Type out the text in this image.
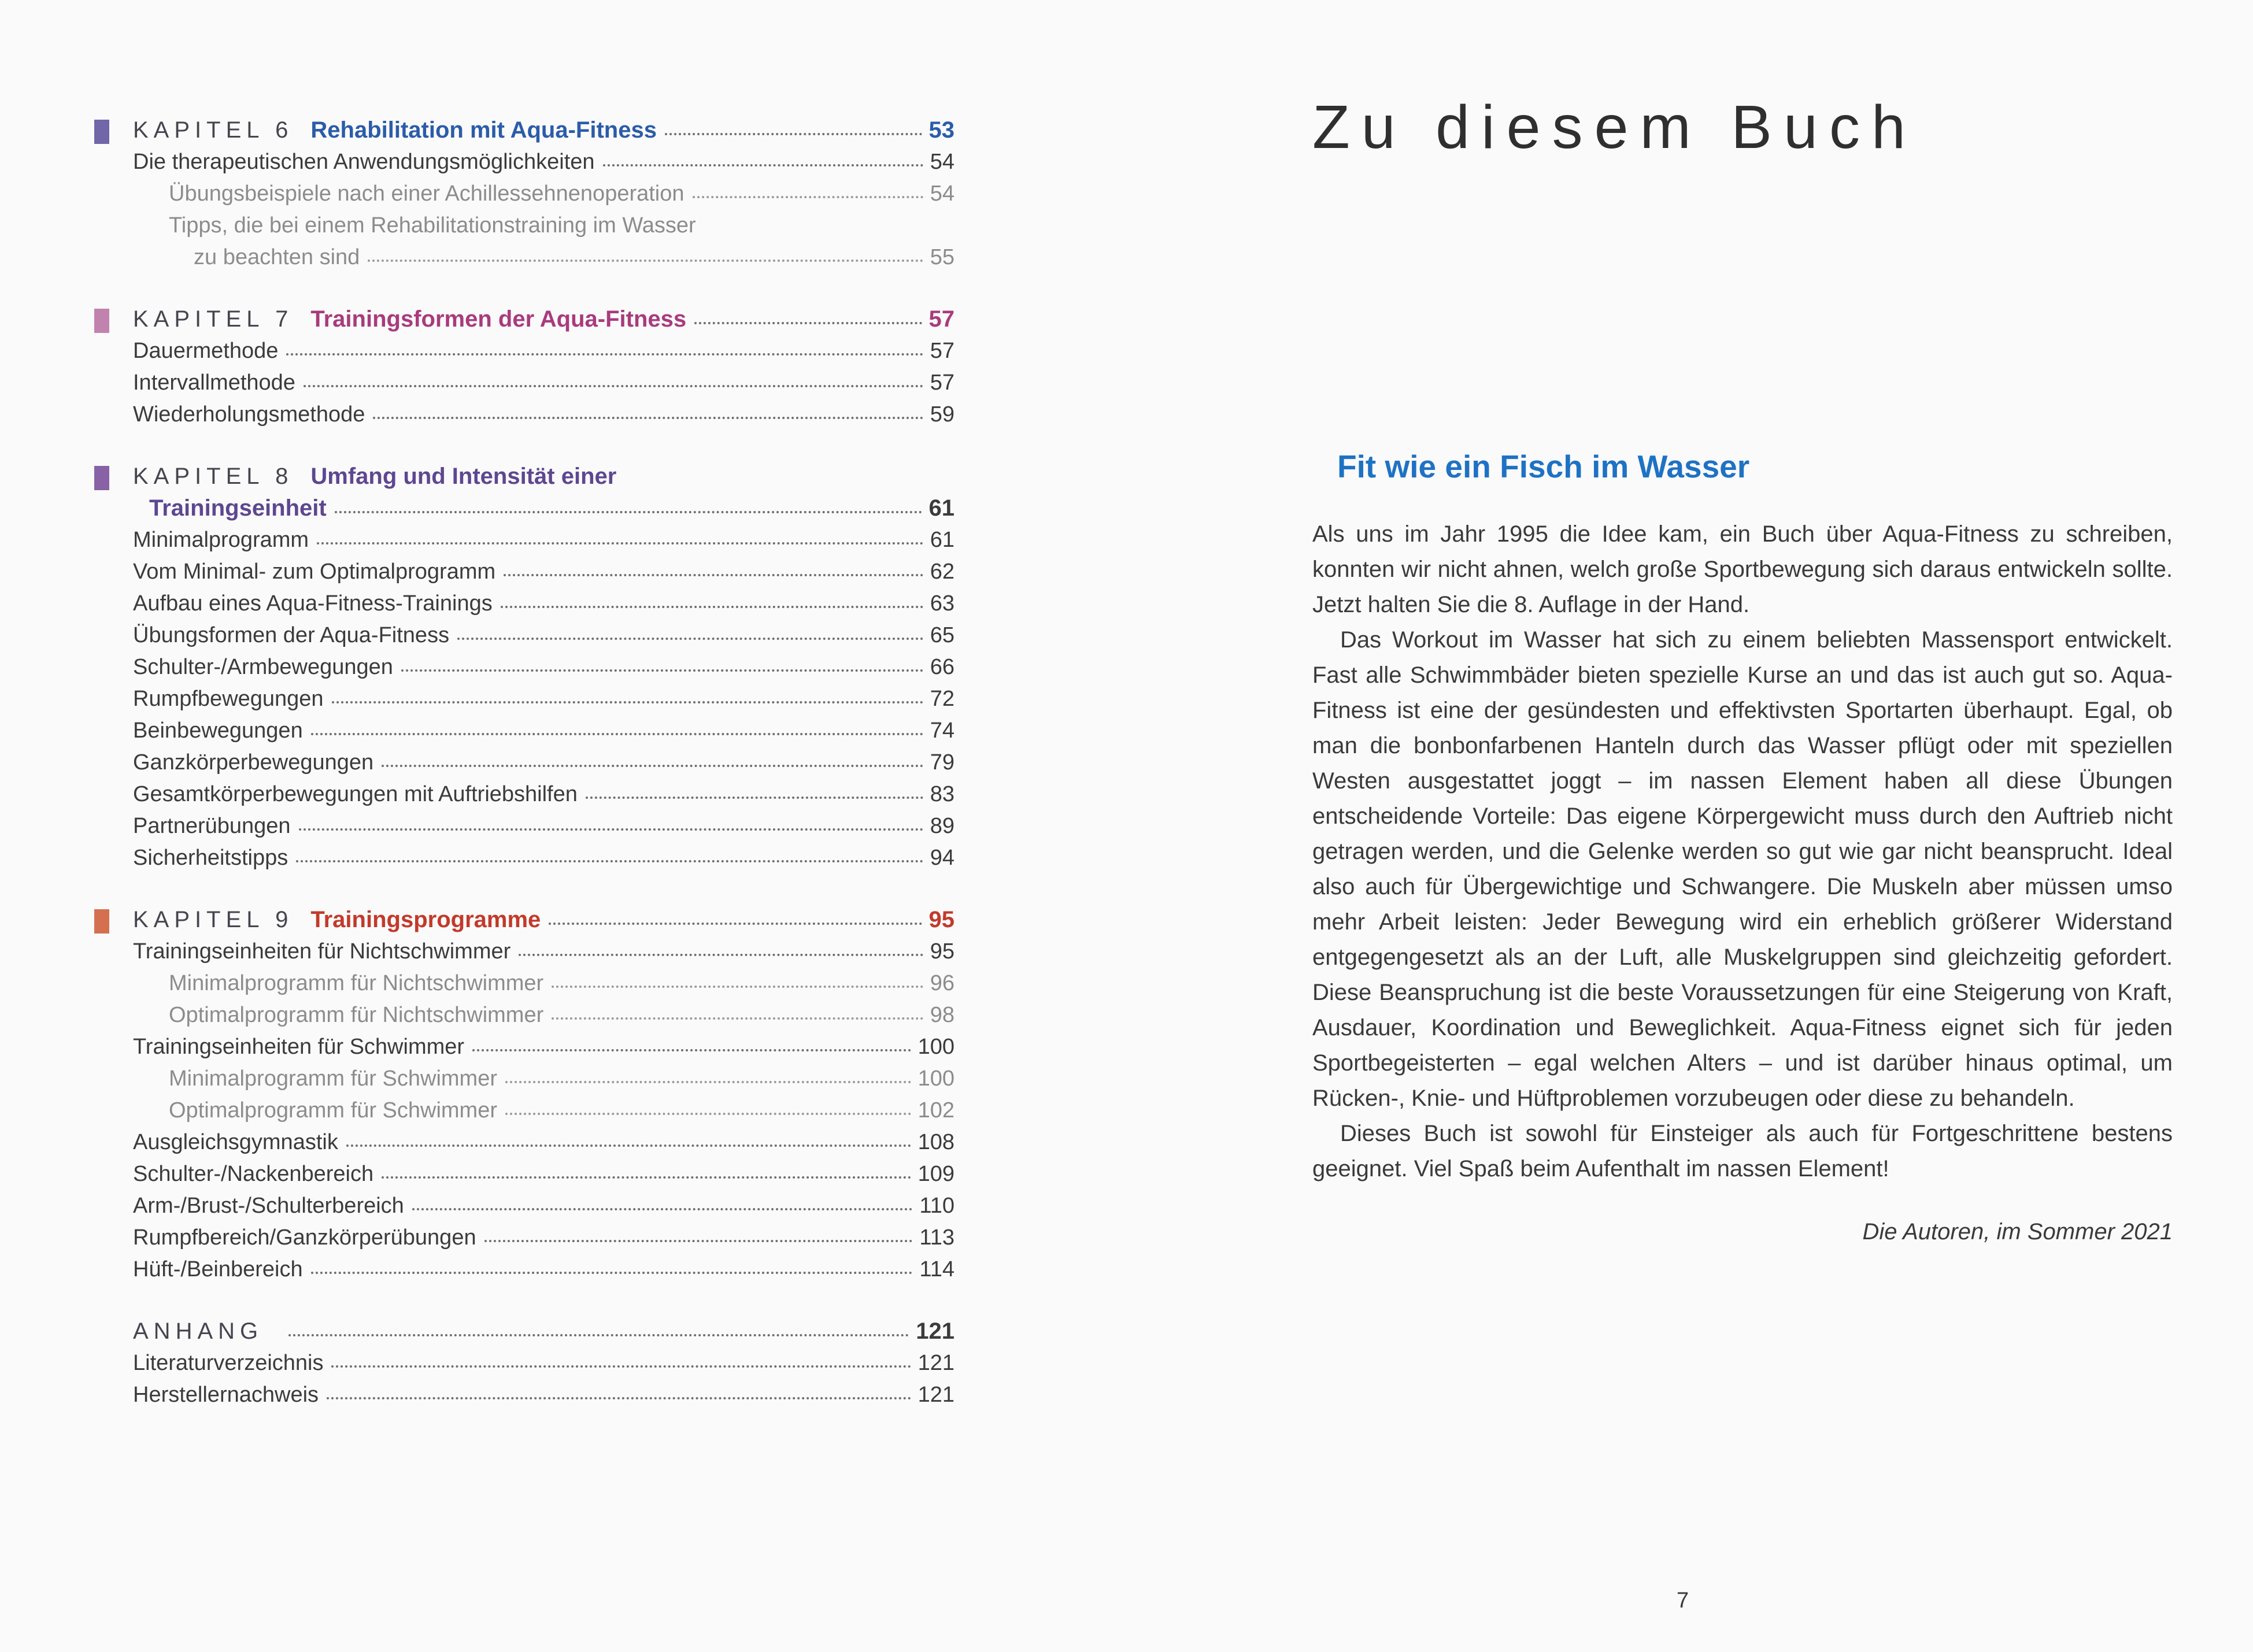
KAPITEL 6 Rehabilitation mit Aqua-Fitness	53
Die therapeutischen Anwendungsmöglichkeiten	54
Übungsbeispiele nach einer Achillessehnenoperation	54
Tipps, die bei einem Rehabilitationstraining im Wasser
zu beachten sind	55
KAPITEL 7 Trainingsformen der Aqua-Fitness	57
Dauermethode	57
Intervallmethode	57
Wiederholungsmethode	59
KAPITEL 8 Umfang und Intensität einer
Trainingseinheit	61
Minimalprogramm	61
Vom Minimal- zum Optimalprogramm	62
Aufbau eines Aqua-Fitness-Trainings	63
Übungsformen der Aqua-Fitness	65
Schulter-/Armbewegungen	66
Rumpfbewegungen	72
Beinbewegungen	74
Ganzkörperbewegungen	79
Gesamtkörperbewegungen mit Auftriebshilfen	83
Partnerübungen	89
Sicherheitstipps	94
KAPITEL 9 Trainingsprogramme	95
Trainingseinheiten für Nichtschwimmer	95
Minimalprogramm für Nichtschwimmer	96
Optimalprogramm für Nichtschwimmer	98
Trainingseinheiten für Schwimmer	100
Minimalprogramm für Schwimmer	100
Optimalprogramm für Schwimmer	102
Ausgleichsgymnastik	108
Schulter-/Nackenbereich	109
Arm-/Brust-/Schulterbereich	110
Rumpfbereich/Ganzkörperübungen	113
Hüft-/Beinbereich	114
ANHANG	121
Literaturverzeichnis	121
Herstellernachweis	121
Zu diesem Buch
Fit wie ein Fisch im Wasser

Als uns im Jahr 1995 die Idee kam, ein Buch über Aqua-Fitness zu schreiben, konnten wir nicht ahnen, welch große Sportbewegung sich daraus entwickeln sollte. Jetzt halten Sie die 8. Auflage in der Hand.

Das Workout im Wasser hat sich zu einem beliebten Massensport entwickelt. Fast alle Schwimmbäder bieten spezielle Kurse an und das ist auch gut so. Aqua-Fitness ist eine der gesündesten und effektivsten Sportarten überhaupt. Egal, ob man die bonbonfarbenen Hanteln durch das Wasser pflügt oder mit speziellen Westen ausgestattet joggt – im nassen Element haben all diese Übungen entscheidende Vorteile: Das eigene Körpergewicht muss durch den Auftrieb nicht getragen werden, und die Gelenke werden so gut wie gar nicht beansprucht. Ideal also auch für Übergewichtige und Schwangere. Die Muskeln aber müssen umso mehr Arbeit leisten: Jeder Bewegung wird ein erheblich größerer Widerstand entgegengesetzt als an der Luft, alle Muskelgruppen sind gleichzeitig gefordert. Diese Beanspruchung ist die beste Voraussetzungen für eine Steigerung von Kraft, Ausdauer, Koordination und Beweglichkeit. Aqua-Fitness eignet sich für jeden Sportbegeisterten – egal welchen Alters – und ist darüber hinaus optimal, um Rücken-, Knie- und Hüftproblemen vorzubeugen oder diese zu behandeln.

Dieses Buch ist sowohl für Einsteiger als auch für Fortgeschrittene bestens geeignet. Viel Spaß beim Aufenthalt im nassen Element!

Die Autoren, im Sommer 2021
7
